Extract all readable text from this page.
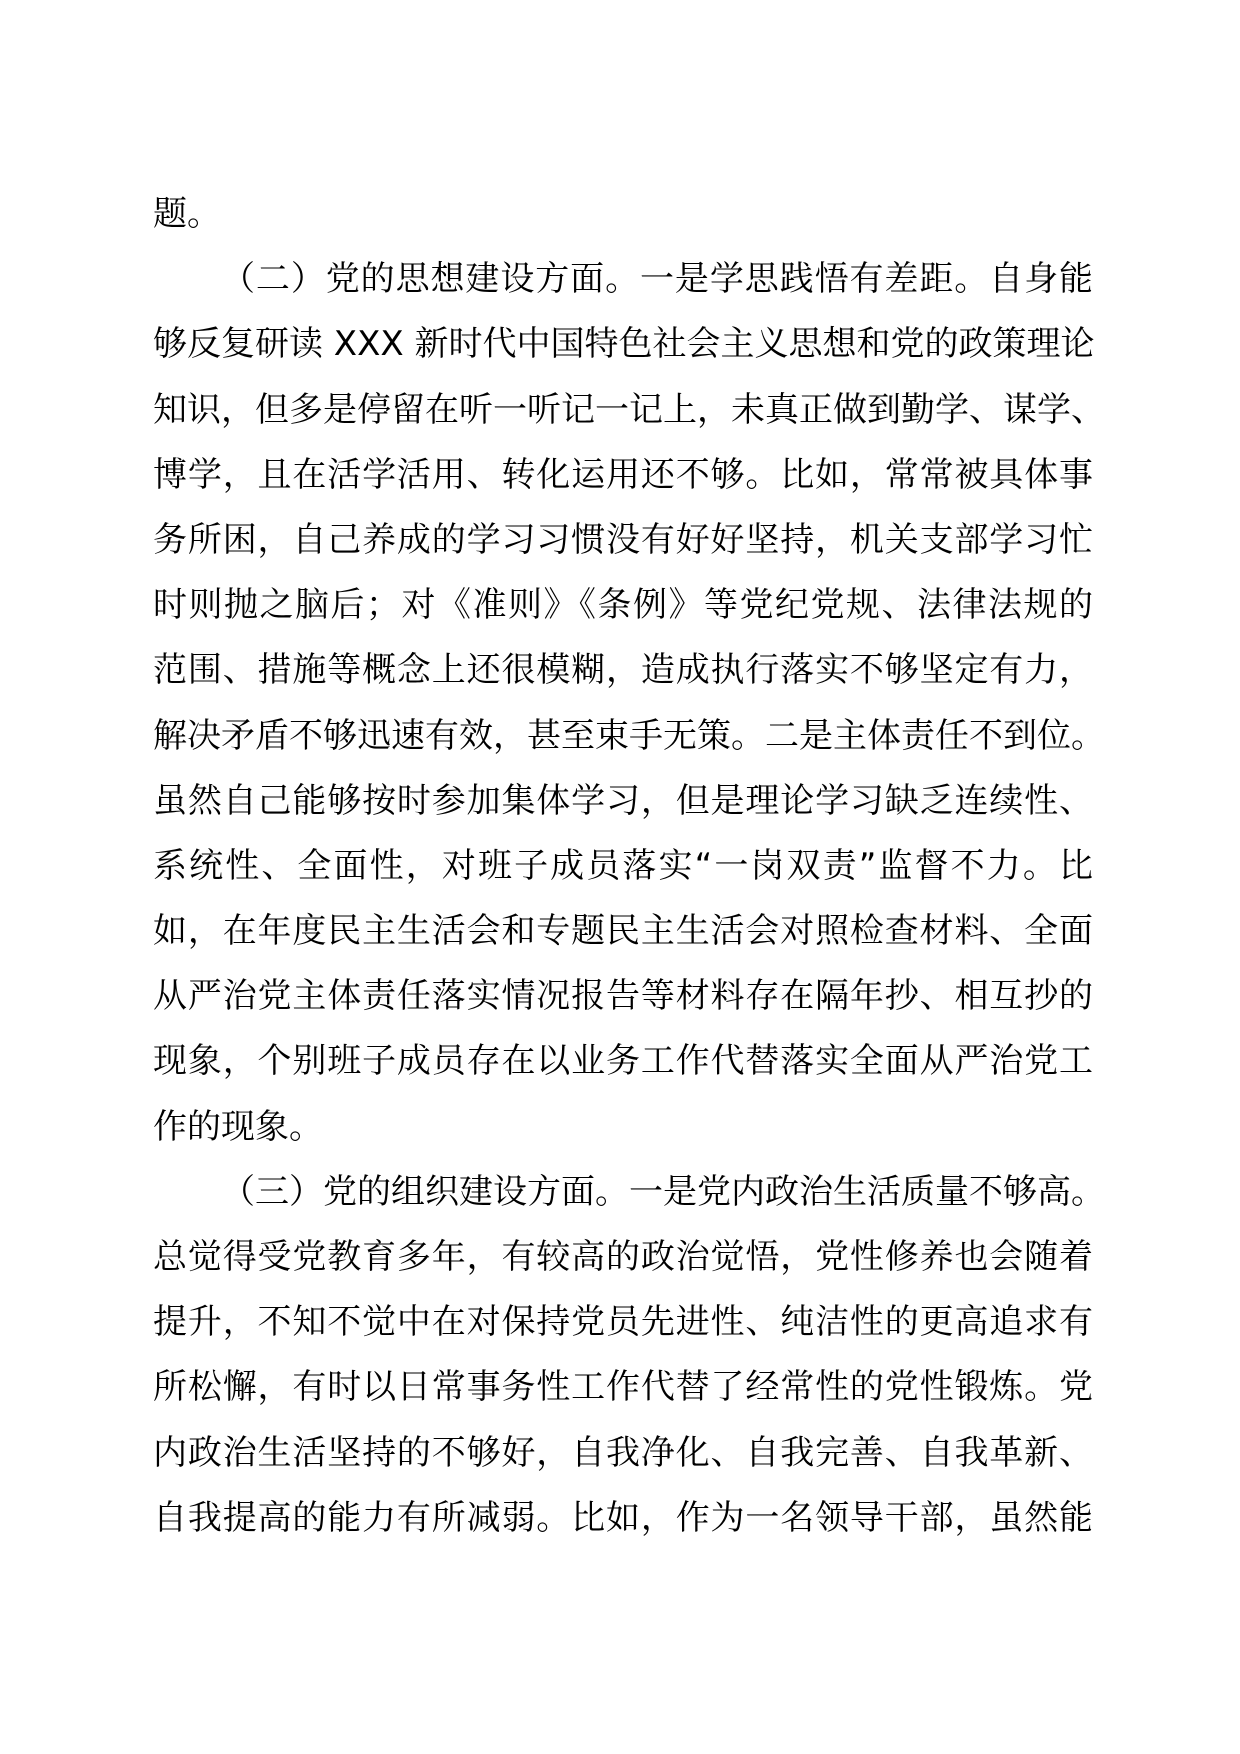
题。
（二）党的思想建设方面。一是学思践悟有差距。自身能
够反复研读 XXX 新时代中国特色社会主义思想和党的政策理论
知识，但多是停留在听一听记一记上，未真正做到勤学、谋学、
博学，且在活学活用、转化运用还不够。比如，常常被具体事
务所困，自己养成的学习习惯没有好好坚持，机关支部学习忙
时则抛之脑后；对《准则》《条例》等党纪党规、法律法规的
范围、措施等概念上还很模糊，造成执行落实不够坚定有力，
解决矛盾不够迅速有效，甚至束手无策。二是主体责任不到位。
虽然自己能够按时参加集体学习，但是理论学习缺乏连续性、
系统性、全面性，对班子成员落实“一岗双责”监督不力。比
如，在年度民主生活会和专题民主生活会对照检查材料、全面
从严治党主体责任落实情况报告等材料存在隔年抄、相互抄的
现象，个别班子成员存在以业务工作代替落实全面从严治党工
作的现象。
（三）党的组织建设方面。一是党内政治生活质量不够高。
总觉得受党教育多年，有较高的政治觉悟，党性修养也会随着
提升，不知不觉中在对保持党员先进性、纯洁性的更高追求有
所松懈，有时以日常事务性工作代替了经常性的党性锻炼。党
内政治生活坚持的不够好，自我净化、自我完善、自我革新、
自我提高的能力有所减弱。比如，作为一名领导干部，虽然能
